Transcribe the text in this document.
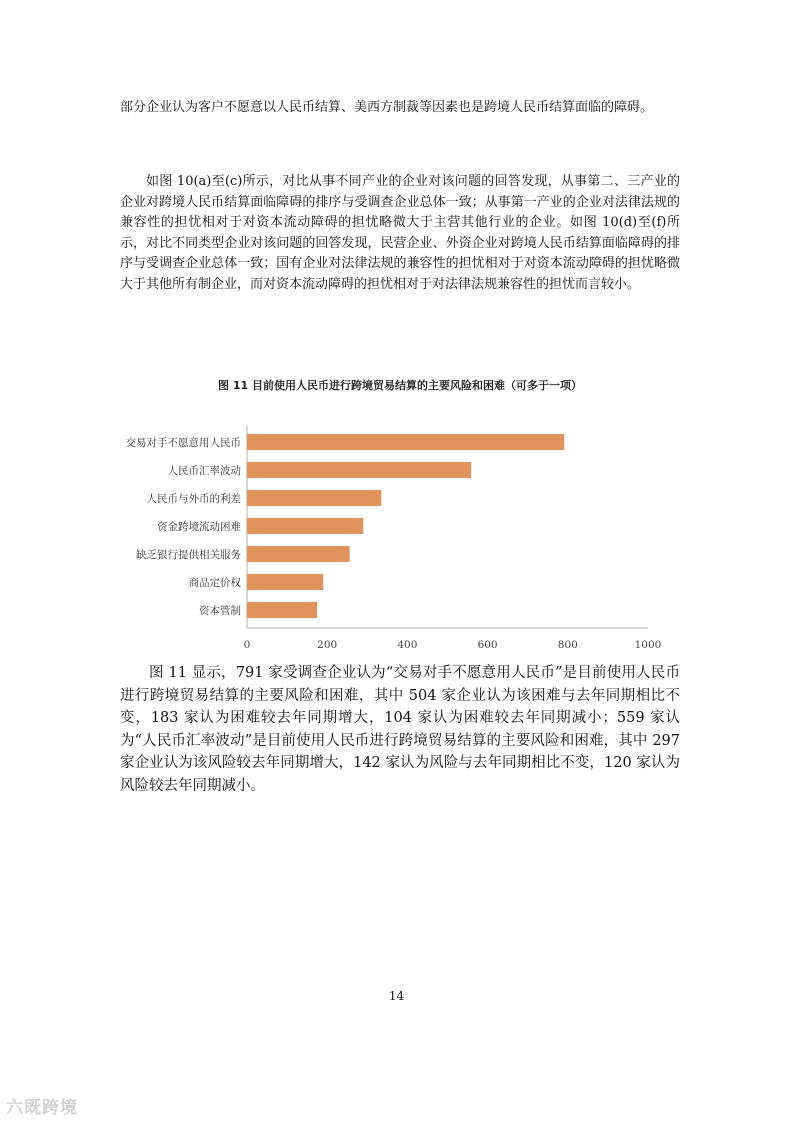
部分企业认为客户不愿意以人民币结算、美西方制裁等因素也是跨境人民币结算面临的障碍。

如图 10(a)至(c)所示，对比从事不同产业的企业对该问题的回答发现，从事第二、三产业的企业对跨境人民币结算面临障碍的排序与受调查企业总体一致；从事第一产业的企业对法律法规的兼容性的担忧相对于对资本流动障碍的担忧略微大于主营其他行业的企业。如图 10(d)至(f)所示，对比不同类型企业对该问题的回答发现，民营企业、外资企业对跨境人民币结算面临障碍的排序与受调查企业总体一致；国有企业对法律法规的兼容性的担忧相对于对资本流动障碍的担忧略微大于其他所有制企业，而对资本流动障碍的担忧相对于对法律法规兼容性的担忧而言较小。

图 11 目前使用人民币进行跨境贸易结算的主要风险和困难（可多于一项）
交易对手不愿意用人民币
人民币汇率波动
人民币与外币的利差
资金跨境流动困难
缺乏银行提供相关服务
商品定价权
资本管制
0	200	400	600	800	1000

图 11 显示，791 家受调查企业认为“交易对手不愿意用人民币”是目前使用人民币进行跨境贸易结算的主要风险和困难，其中 504 家企业认为该困难与去年同期相比不变，183 家认为困难较去年同期增大，104 家认为困难较去年同期减小；559 家认为“人民币汇率波动”是目前使用人民币进行跨境贸易结算的主要风险和困难，其中 297 家企业认为该风险较去年同期增大，142 家认为风险与去年同期相比不变，120 家认为风险较去年同期减小。

14
六既跨境
